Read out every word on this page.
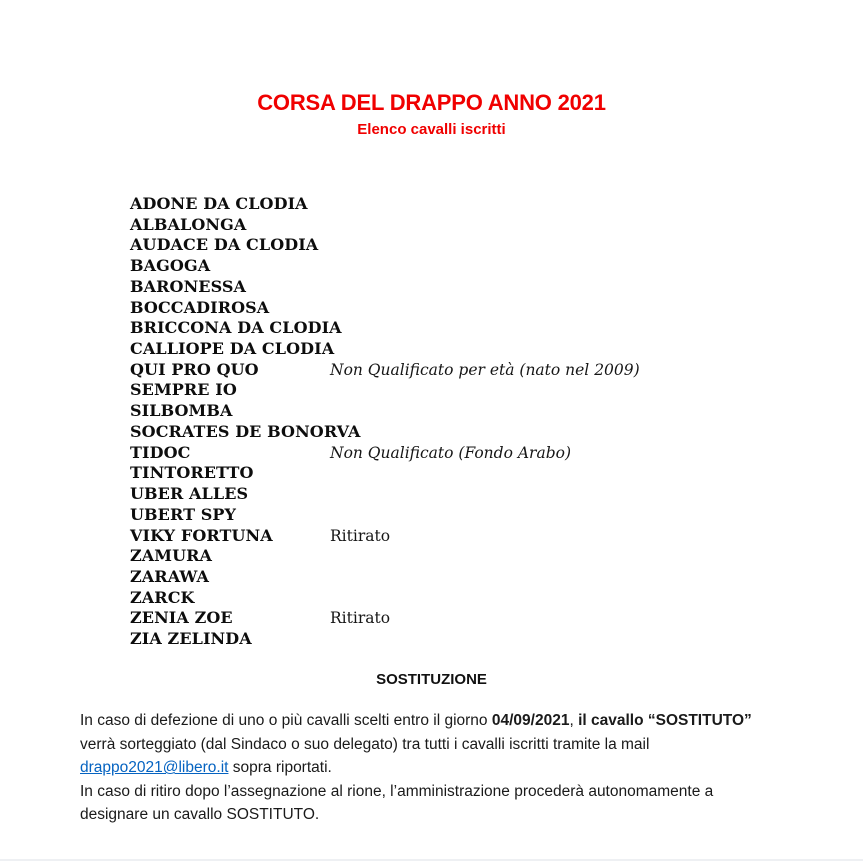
CORSA DEL DRAPPO ANNO 2021
Elenco cavalli iscritti
ADONE DA CLODIA
ALBALONGA
AUDACE DA CLODIA
BAGOGA
BARONESSA
BOCCADIROSA
BRICCONA DA CLODIA
CALLIOPE DA CLODIA
QUI PRO QUO	Non Qualificato per età (nato nel 2009)
SEMPRE IO
SILBOMBA
SOCRATES DE BONORVA
TIDOC	Non Qualificato (Fondo Arabo)
TINTORETTO
UBER ALLES
UBERT SPY
VIKY FORTUNA	Ritirato
ZAMURA
ZARAWA
ZARCK
ZENIA ZOE	Ritirato
ZIA ZELINDA
SOSTITUZIONE
In caso di defezione di uno o più cavalli scelti entro il giorno 04/09/2021, il cavallo “SOSTITUTO”
verrà sorteggiato (dal Sindaco o suo delegato) tra tutti i cavalli iscritti tramite la mail
drappo2021@libero.it sopra riportati.
In caso di ritiro dopo l’assegnazione al rione, l’amministrazione procederà autonomamente a
designare un cavallo SOSTITUTO.
